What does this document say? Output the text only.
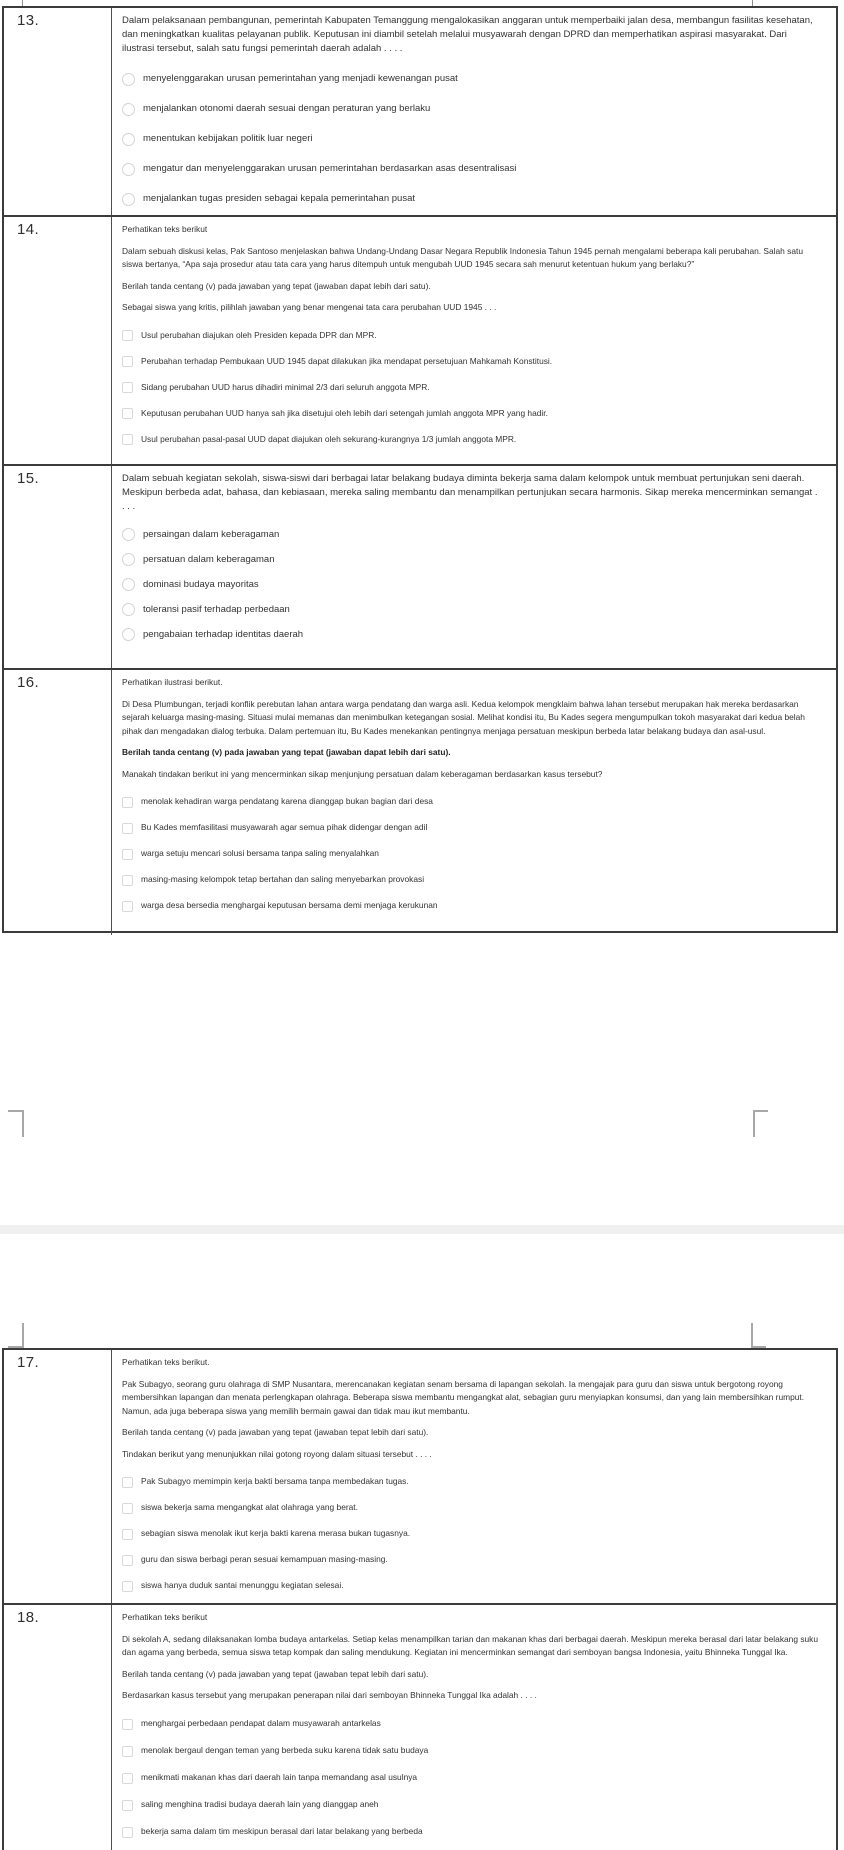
13.	Dalam pelaksanaan pembangunan, pemerintah Kabupaten Temanggung mengalokasikan anggaran untuk memperbaiki jalan desa, membangun fasilitas kesehatan, dan meningkatkan kualitas pelayanan publik. Keputusan ini diambil setelah melalui musyawarah dengan DPRD dan memperhatikan aspirasi masyarakat. Dari ilustrasi tersebut, salah satu fungsi pemerintah daerah adalah . . . .
menyelenggarakan urusan pemerintahan yang menjadi kewenangan pusat
menjalankan otonomi daerah sesuai dengan peraturan yang berlaku
menentukan kebijakan politik luar negeri
mengatur dan menyelenggarakan urusan pemerintahan berdasarkan asas desentralisasi
menjalankan tugas presiden sebagai kepala pemerintahan pusat
14.	Perhatikan teks berikut
Dalam sebuah diskusi kelas, Pak Santoso menjelaskan bahwa Undang-Undang Dasar Negara Republik Indonesia Tahun 1945 pernah mengalami beberapa kali perubahan. Salah satu siswa bertanya, “Apa saja prosedur atau tata cara yang harus ditempuh untuk mengubah UUD 1945 secara sah menurut ketentuan hukum yang berlaku?”
Berilah tanda centang (v) pada jawaban yang tepat (jawaban dapat lebih dari satu).
Sebagai siswa yang kritis, pilihlah jawaban yang benar mengenai tata cara perubahan UUD 1945 . . .
Usul perubahan diajukan oleh Presiden kepada DPR dan MPR.
Perubahan terhadap Pembukaan UUD 1945 dapat dilakukan jika mendapat persetujuan Mahkamah Konstitusi.
Sidang perubahan UUD harus dihadiri minimal 2/3 dari seluruh anggota MPR.
Keputusan perubahan UUD hanya sah jika disetujui oleh lebih dari setengah jumlah anggota MPR yang hadir.
Usul perubahan pasal-pasal UUD dapat diajukan oleh sekurang-kurangnya 1/3 jumlah anggota MPR.
15.	Dalam sebuah kegiatan sekolah, siswa-siswi dari berbagai latar belakang budaya diminta bekerja sama dalam kelompok untuk membuat pertunjukan seni daerah. Meskipun berbeda adat, bahasa, dan kebiasaan, mereka saling membantu dan menampilkan pertunjukan secara harmonis. Sikap mereka mencerminkan semangat . . . .
persaingan dalam keberagaman
persatuan dalam keberagaman
dominasi budaya mayoritas
toleransi pasif terhadap perbedaan
pengabaian terhadap identitas daerah
16.	Perhatikan ilustrasi berikut.
Di Desa Plumbungan, terjadi konflik perebutan lahan antara warga pendatang dan warga asli. Kedua kelompok mengklaim bahwa lahan tersebut merupakan hak mereka berdasarkan sejarah keluarga masing-masing. Situasi mulai memanas dan menimbulkan ketegangan sosial. Melihat kondisi itu, Bu Kades segera mengumpulkan tokoh masyarakat dari kedua belah pihak dan mengadakan dialog terbuka. Dalam pertemuan itu, Bu Kades menekankan pentingnya menjaga persatuan meskipun berbeda latar belakang budaya dan asal-usul.
Berilah tanda centang (v) pada jawaban yang tepat (jawaban dapat lebih dari satu).
Manakah tindakan berikut ini yang mencerminkan sikap menjunjung persatuan dalam keberagaman berdasarkan kasus tersebut?
menolak kehadiran warga pendatang karena dianggap bukan bagian dari desa
Bu Kades memfasilitasi musyawarah agar semua pihak didengar dengan adil
warga setuju mencari solusi bersama tanpa saling menyalahkan
masing-masing kelompok tetap bertahan dan saling menyebarkan provokasi
warga desa bersedia menghargai keputusan bersama demi menjaga kerukunan
17.	Perhatikan teks berikut.
Pak Subagyo, seorang guru olahraga di SMP Nusantara, merencanakan kegiatan senam bersama di lapangan sekolah. Ia mengajak para guru dan siswa untuk bergotong royong membersihkan lapangan dan menata perlengkapan olahraga. Beberapa siswa membantu mengangkat alat, sebagian guru menyiapkan konsumsi, dan yang lain membersihkan rumput. Namun, ada juga beberapa siswa yang memilih bermain gawai dan tidak mau ikut membantu.
Berilah tanda centang (v) pada jawaban yang tepat (jawaban tepat lebih dari satu).
Tindakan berikut yang menunjukkan nilai gotong royong dalam situasi tersebut . . . .
Pak Subagyo memimpin kerja bakti bersama tanpa membedakan tugas.
siswa bekerja sama mengangkat alat olahraga yang berat.
sebagian siswa menolak ikut kerja bakti karena merasa bukan tugasnya.
guru dan siswa berbagi peran sesuai kemampuan masing-masing.
siswa hanya duduk santai menunggu kegiatan selesai.
18.	Perhatikan teks berikut
Di sekolah A, sedang dilaksanakan lomba budaya antarkelas. Setiap kelas menampilkan tarian dan makanan khas dari berbagai daerah. Meskipun mereka berasal dari latar belakang suku dan agama yang berbeda, semua siswa tetap kompak dan saling mendukung. Kegiatan ini mencerminkan semangat dari semboyan bangsa Indonesia, yaitu Bhinneka Tunggal Ika.
Berilah tanda centang (v) pada jawaban yang tepat (jawaban tepat lebih dari satu).
Berdasarkan kasus tersebut yang merupakan penerapan nilai dari semboyan Bhinneka Tunggal Ika adalah . . . .
menghargai perbedaan pendapat dalam musyawarah antarkelas
menolak bergaul dengan teman yang berbeda suku karena tidak satu budaya
menikmati makanan khas dari daerah lain tanpa memandang asal usulnya
saling menghina tradisi budaya daerah lain yang dianggap aneh
bekerja sama dalam tim meskipun berasal dari latar belakang yang berbeda
